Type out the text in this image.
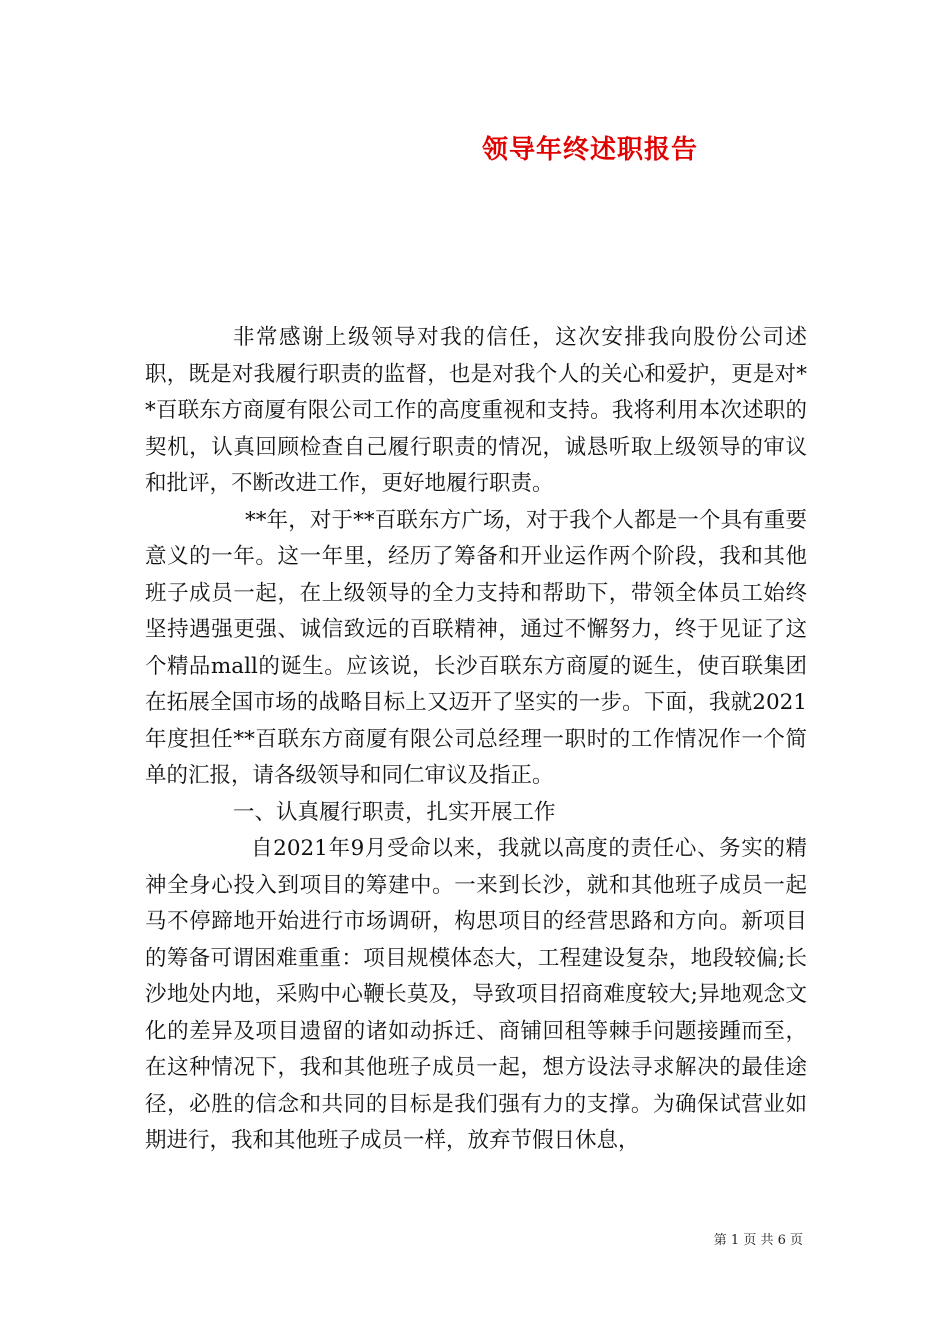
领导年终述职报告

非常感谢上级领导对我的信任，这次安排我向股份公司述职，既是对我履行职责的监督，也是对我个人的关心和爱护，更是对**百联东方商厦有限公司工作的高度重视和支持。我将利用本次述职的契机，认真回顾检查自己履行职责的情况，诚恳听取上级领导的审议和批评，不断改进工作，更好地履行职责。

**年，对于**百联东方广场，对于我个人都是一个具有重要意义的一年。这一年里，经历了筹备和开业运作两个阶段，我和其他班子成员一起，在上级领导的全力支持和帮助下，带领全体员工始终坚持遇强更强、诚信致远的百联精神，通过不懈努力，终于见证了这个精品mall的诞生。应该说，长沙百联东方商厦的诞生，使百联集团在拓展全国市场的战略目标上又迈开了坚实的一步。下面，我就2021年度担任**百联东方商厦有限公司总经理一职时的工作情况作一个简单的汇报，请各级领导和同仁审议及指正。

一、认真履行职责，扎实开展工作

自2021年9月受命以来，我就以高度的责任心、务实的精神全身心投入到项目的筹建中。一来到长沙，就和其他班子成员一起马不停蹄地开始进行市场调研，构思项目的经营思路和方向。新项目的筹备可谓困难重重：项目规模体态大，工程建设复杂，地段较偏;长沙地处内地，采购中心鞭长莫及，导致项目招商难度较大;异地观念文化的差异及项目遗留的诸如动拆迁、商铺回租等棘手问题接踵而至，在这种情况下，我和其他班子成员一起，想方设法寻求解决的最佳途径，必胜的信念和共同的目标是我们强有力的支撑。为确保试营业如期进行，我和其他班子成员一样，放弃节假日休息，

第 1 页 共 6 页
